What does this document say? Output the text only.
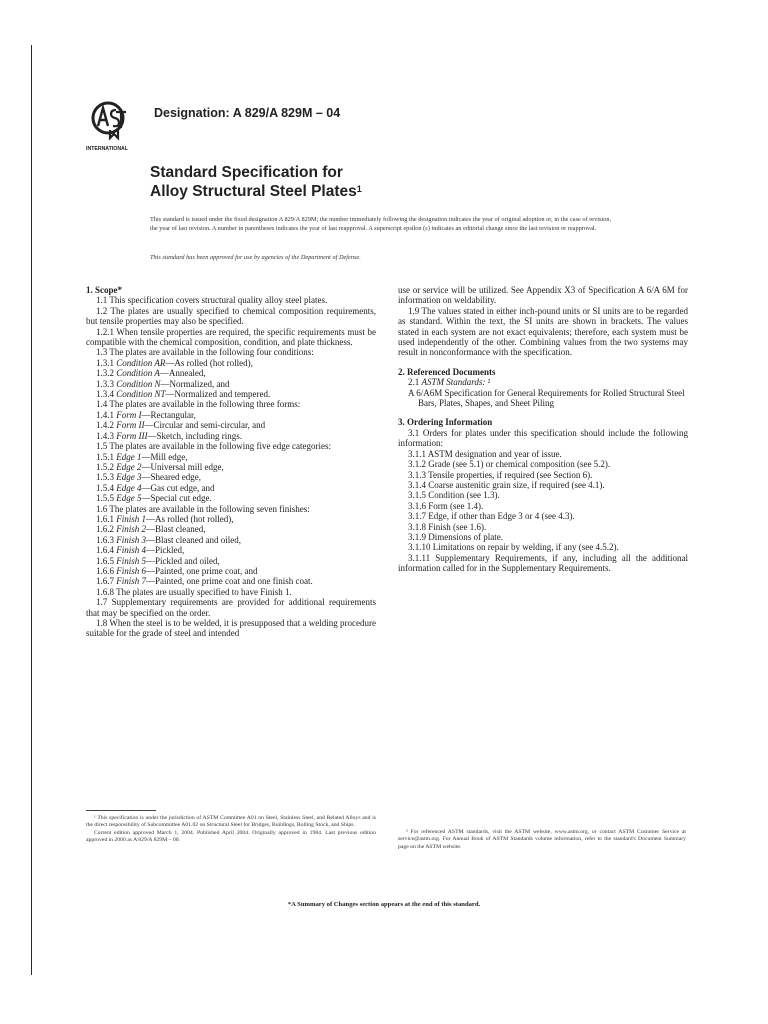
INTERNATIONAL
Designation: A 829/A 829M – 04
Standard Specification for
Alloy Structural Steel Plates$^1$
This standard is issued under the fixed designation A 829/A 829M; the number immediately following the designation indicates the year of original adoption or, in the case of revision, the year of last revision. A number in parentheses indicates the year of last reapproval. A superscript epsilon (ε) indicates an editorial change since the last revision or reapproval.
This standard has been approved for use by agencies of the Department of Defense.

1. Scope*

1.1 This specification covers structural quality alloy steel plates.

1.2 The plates are usually specified to chemical composition requirements, but tensile properties may also be specified.

1.2.1 When tensile properties are required, the specific requirements must be compatible with the chemical composition, condition, and plate thickness.

1.3 The plates are available in the following four conditions:

1.3.1 Condition AR—As rolled (hot rolled),

1.3.2 Condition A—Annealed,

1.3.3 Condition N—Normalized, and

1.3.4 Condition NT—Normalized and tempered.

1.4 The plates are available in the following three forms:

1.4.1 Form I—Rectangular,

1.4.2 Form II—Circular and semi-circular, and

1.4.3 Form III—Sketch, including rings.

1.5 The plates are available in the following five edge categories:

1.5.1 Edge 1—Mill edge,

1.5.2 Edge 2—Universal mill edge,

1.5.3 Edge 3—Sheared edge,

1.5.4 Edge 4—Gas cut edge, and

1.5.5 Edge 5—Special cut edge.

1.6 The plates are available in the following seven finishes:

1.6.1 Finish 1—As rolled (hot rolled),

1.6.2 Finish 2—Blast cleaned,

1.6.3 Finish 3—Blast cleaned and oiled,

1.6.4 Finish 4—Pickled,

1.6.5 Finish 5—Pickled and oiled,

1.6.6 Finish 6—Painted, one prime coat, and

1.6.7 Finish 7—Painted, one prime coat and one finish coat.

1.6.8 The plates are usually specified to have Finish 1.

1.7 Supplementary requirements are provided for additional requirements that may be specified on the order.

1.8 When the steel is to be welded, it is presupposed that a welding procedure suitable for the grade of steel and intended

use or service will be utilized. See Appendix X3 of Specification A 6/A 6M for information on weldability.

1.9 The values stated in either inch-pound units or SI units are to be regarded as standard. Within the text, the SI units are shown in brackets. The values stated in each system are not exact equivalents; therefore, each system must be used independently of the other. Combining values from the two systems may result in nonconformance with the specification.

2. Referenced Documents

2.1 ASTM Standards: ²

A 6/A6M Specification for General Requirements for Rolled Structural Steel Bars, Plates, Shapes, and Sheet Piling

3. Ordering Information

3.1 Orders for plates under this specification should include the following information:

3.1.1 ASTM designation and year of issue.

3.1.2 Grade (see 5.1) or chemical composition (see 5.2).

3.1.3 Tensile properties, if required (see Section 6).

3.1.4 Coarse austenitic grain size, if required (see 4.1).

3.1.5 Condition (see 1.3).

3.1.6 Form (see 1.4).

3.1.7 Edge, if other than Edge 3 or 4 (see 4.3).

3.1.8 Finish (see 1.6).

3.1.9 Dimensions of plate.

3.1.10 Limitations on repair by welding, if any (see 4.5.2).

3.1.11 Supplementary Requirements, if any, including all the additional information called for in the Supplementary Requirements.

¹ This specification is under the jurisdiction of ASTM Committee A01 on Steel, Stainless Steel, and Related Alloys and is the direct responsibility of Subcommittee A01.02 on Structural Steel for Bridges, Buildings, Rolling Stock, and Ships.
Current edition approved March 1, 2004. Published April 2004. Originally approved in 1984. Last previous edition approved in 2000 as A 829/A 829M – 00.
² For referenced ASTM standards, visit the ASTM website, www.astm.org, or contact ASTM Customer Service at service@astm.org. For Annual Book of ASTM Standards volume information, refer to the standard's Document Summary page on the ASTM website.
*A Summary of Changes section appears at the end of this standard.
